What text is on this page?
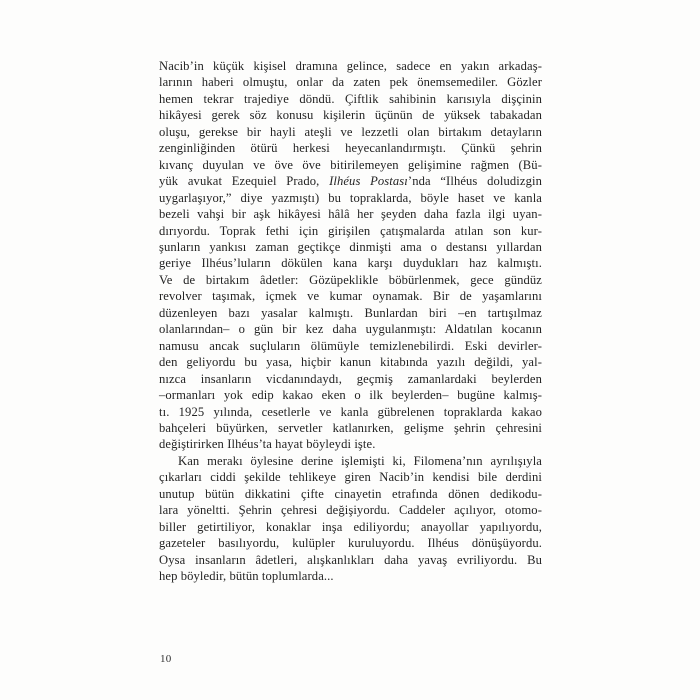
Nacib’in küçük kişisel dramına gelince, sadece en yakın arkadaş-
larının haberi olmuştu, onlar da zaten pek önemsemediler. Gözler
hemen tekrar trajediye döndü. Çiftlik sahibinin karısıyla dişçinin
hikâyesi gerek söz konusu kişilerin üçünün de yüksek tabakadan
oluşu, gerekse bir hayli ateşli ve lezzetli olan birtakım detayların
zenginliğinden ötürü herkesi heyecanlandırmıştı. Çünkü şehrin
kıvanç duyulan ve öve öve bitirilemeyen gelişimine rağmen (Bü-
yük avukat Ezequiel Prado, Ilhéus Postası’nda “Ilhéus doludizgin
uygarlaşıyor,” diye yazmıştı) bu topraklarda, böyle haset ve kanla
bezeli vahşi bir aşk hikâyesi hâlâ her şeyden daha fazla ilgi uyan-
dırıyordu. Toprak fethi için girişilen çatışmalarda atılan son kur-
şunların yankısı zaman geçtikçe dinmişti ama o destansı yıllardan
geriye Ilhéus’luların dökülen kana karşı duydukları haz kalmıştı.
Ve de birtakım âdetler: Gözüpeklikle böbürlenmek, gece gündüz
revolver taşımak, içmek ve kumar oynamak. Bir de yaşamlarını
düzenleyen bazı yasalar kalmıştı. Bunlardan biri –en tartışılmaz
olanlarından– o gün bir kez daha uygulanmıştı: Aldatılan kocanın
namusu ancak suçluların ölümüyle temizlenebilirdi. Eski devirler-
den geliyordu bu yasa, hiçbir kanun kitabında yazılı değildi, yal-
nızca insanların vicdanındaydı, geçmiş zamanlardaki beylerden
–ormanları yok edip kakao eken o ilk beylerden– bugüne kalmış-
tı. 1925 yılında, cesetlerle ve kanla gübrelenen topraklarda kakao
bahçeleri büyürken, servetler katlanırken, gelişme şehrin çehresini
değiştirirken Ilhéus’ta hayat böyleydi işte.
Kan merakı öylesine derine işlemişti ki, Filomena’nın ayrılışıyla
çıkarları ciddi şekilde tehlikeye giren Nacib’in kendisi bile derdini
unutup bütün dikkatini çifte cinayetin etrafında dönen dedikodu-
lara yöneltti. Şehrin çehresi değişiyordu. Caddeler açılıyor, otomo-
biller getirtiliyor, konaklar inşa ediliyordu; anayollar yapılıyordu,
gazeteler basılıyordu, kulüpler kuruluyordu. Ilhéus dönüşüyordu.
Oysa insanların âdetleri, alışkanlıkları daha yavaş evriliyordu. Bu
hep böyledir, bütün toplumlarda...
10
